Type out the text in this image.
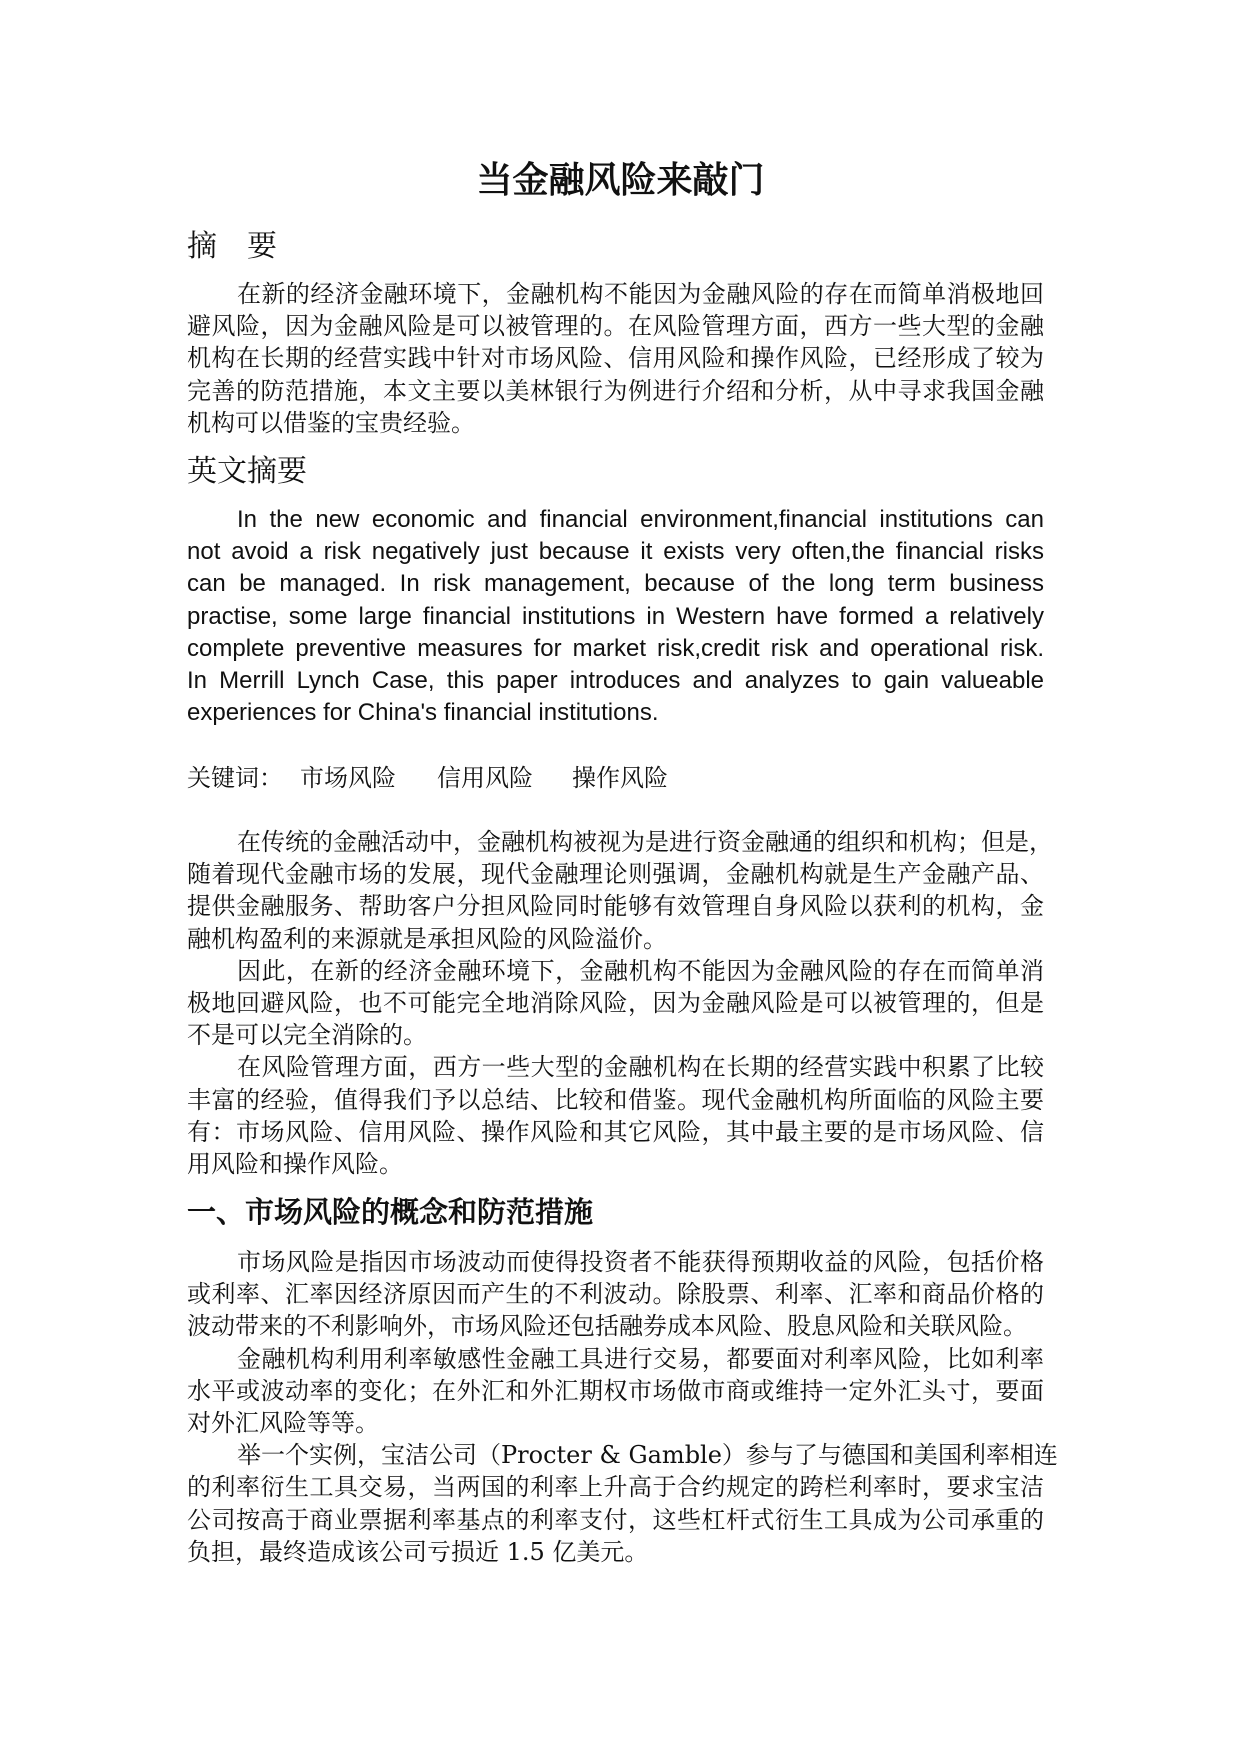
当金融风险来敲门
摘　要
在新的经济金融环境下，金融机构不能因为金融风险的存在而简单消极地回
避风险，因为金融风险是可以被管理的。在风险管理方面，西方一些大型的金融
机构在长期的经营实践中针对市场风险、信用风险和操作风险，已经形成了较为
完善的防范措施，本文主要以美林银行为例进行介绍和分析，从中寻求我国金融
机构可以借鉴的宝贵经验。
英文摘要
In the new economic and financial environment,financial institutions can
not avoid a risk negatively just because it exists very often,the financial risks
can be managed. In risk management, because of the long term business
practise, some large financial institutions in Western have formed a relatively
complete preventive measures for market risk,credit risk and operational risk.
In Merrill Lynch Case, this paper introduces and analyzes to gain valueable
experiences for China's financial institutions.
关键词： 市场风险 信用风险 操作风险
在传统的金融活动中，金融机构被视为是进行资金融通的组织和机构；但是，
随着现代金融市场的发展，现代金融理论则强调，金融机构就是生产金融产品、
提供金融服务、帮助客户分担风险同时能够有效管理自身风险以获利的机构，金
融机构盈利的来源就是承担风险的风险溢价。
因此，在新的经济金融环境下，金融机构不能因为金融风险的存在而简单消
极地回避风险，也不可能完全地消除风险，因为金融风险是可以被管理的，但是
不是可以完全消除的。
在风险管理方面，西方一些大型的金融机构在长期的经营实践中积累了比较
丰富的经验，值得我们予以总结、比较和借鉴。现代金融机构所面临的风险主要
有：市场风险、信用风险、操作风险和其它风险，其中最主要的是市场风险、信
用风险和操作风险。
一、市场风险的概念和防范措施
市场风险是指因市场波动而使得投资者不能获得预期收益的风险，包括价格
或利率、汇率因经济原因而产生的不利波动。除股票、利率、汇率和商品价格的
波动带来的不利影响外，市场风险还包括融券成本风险、股息风险和关联风险。
金融机构利用利率敏感性金融工具进行交易，都要面对利率风险，比如利率
水平或波动率的变化；在外汇和外汇期权市场做市商或维持一定外汇头寸，要面
对外汇风险等等。
举一个实例，宝洁公司（Procter & Gamble）参与了与德国和美国利率相连
的利率衍生工具交易，当两国的利率上升高于合约规定的跨栏利率时，要求宝洁
公司按高于商业票据利率基点的利率支付，这些杠杆式衍生工具成为公司承重的
负担，最终造成该公司亏损近 1.5 亿美元。
